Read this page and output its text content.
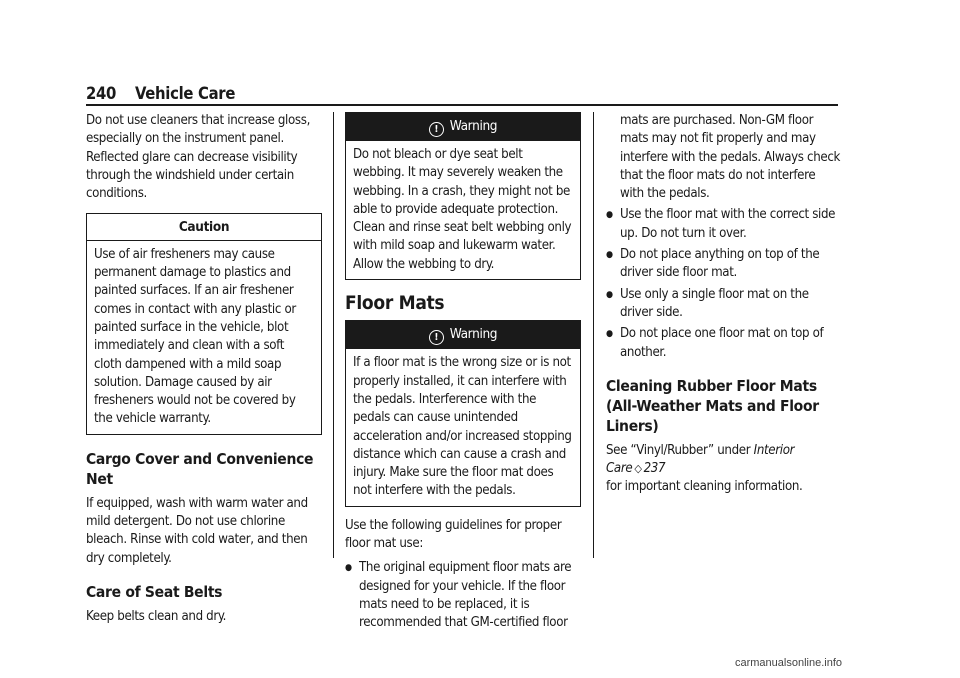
240 Vehicle Care

Do not use cleaners that increase gloss, especially on the instrument panel. Reflected glare can decrease visibility through the windshield under certain conditions.

Caution
Use of air fresheners may cause permanent damage to plastics and painted surfaces. If an air freshener comes in contact with any plastic or painted surface in the vehicle, blot immediately and clean with a soft cloth dampened with a mild soap solution. Damage caused by air fresheners would not be covered by the vehicle warranty.
Cargo Cover and Convenience Net

If equipped, wash with warm water and mild detergent. Do not use chlorine bleach. Rinse with cold water, and then dry completely.

Care of Seat Belts

Keep belts clean and dry.

! Warning
Do not bleach or dye seat belt webbing. It may severely weaken the webbing. In a crash, they might not be able to provide adequate protection. Clean and rinse seat belt webbing only with mild soap and lukewarm water. Allow the webbing to dry.
Floor Mats
! Warning
If a floor mat is the wrong size or is not properly installed, it can interfere with the pedals. Interference with the pedals can cause unintended acceleration and/or increased stopping distance which can cause a crash and injury. Make sure the floor mat does not interfere with the pedals.

Use the following guidelines for proper floor mat use:

● The original equipment floor mats are designed for your vehicle. If the floor mats need to be replaced, it is recommended that GM-certified floor
mats are purchased. Non-GM floor mats may not fit properly and may interfere with the pedals. Always check that the floor mats do not interfere with the pedals.
● Use the floor mat with the correct side up. Do not turn it over.
● Do not place anything on top of the driver side floor mat.
● Use only a single floor mat on the driver side.
● Do not place one floor mat on top of another.
Cleaning Rubber Floor Mats (All-Weather Mats and Floor Liners)

See “Vinyl/Rubber” under Interior Care ◇ 237
for important cleaning information.

carmanualsonline.info
